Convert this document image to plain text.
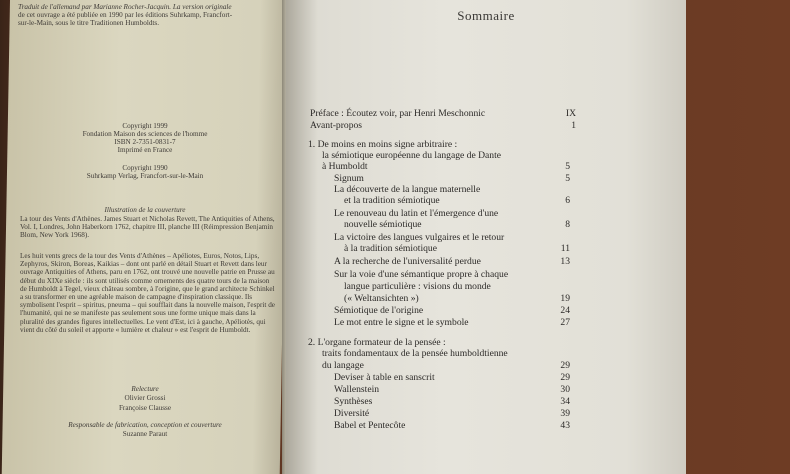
Traduit de l'allemand par Marianne Rocher-Jacquin. La version originale
de cet ouvrage a été publiée en 1990 par les éditions Suhrkamp, Francfort-
sur-le-Main, sous le titre Traditionen Humboldts.
Copyright 1999
Fondation Maison des sciences de l'homme
ISBN 2-7351-0831-7
Imprimé en France
Copyright 1990
Suhrkamp Verlag, Francfort-sur-le-Main
Illustration de la couverture
La tour des Vents d'Athènes. James Stuart et Nicholas Revett, The Antiquities of Athens, Vol. I, Londres, John Haberkorn 1762, chapitre III, planche III (Réimpression Benjamin Blom, New York 1968).
Les huit vents grecs de la tour des Vents d'Athènes – Apéliotes, Euros, Notos, Lips, Zephyros, Skiron, Boreas, Kaikias – dont ont parlé en détail Stuart et Revett dans leur ouvrage Antiquities of Athens, paru en 1762, ont trouvé une nouvelle patrie en Prusse au début du XIXe siècle : ils sont utilisés comme ornements des quatre tours de la maison de Humboldt à Tegel, vieux château sombre, à l'origine, que le grand architecte Schinkel a su transformer en une agréable maison de campagne d'inspiration classique. Ils symbolisent l'esprit – spiritus, pneuma – qui soufflait dans la nouvelle maison, l'esprit de l'humanité, qui ne se manifeste pas seulement sous une forme unique mais dans la pluralité des grandes figures intellectuelles. Le vent d'Est, ici à gauche, Apéliotès, qui vient du côté du soleil et apporte « lumière et chaleur » est l'esprit de Humboldt.
Relecture
Olivier Grossi
Françoise Clausse
Responsable de fabrication, conception et couverture
Suzanne Paraut
Sommaire
Préface : Écoutez voir, par Henri Meschonnic	IX
Avant-propos	1
1. De moins en moins signe arbitraire :
la sémiotique européenne du langage de Dante
à Humboldt	5
Signum	5
La découverte de la langue maternelle
et la tradition sémiotique	6
Le renouveau du latin et l'émergence d'une
nouvelle sémiotique	8
La victoire des langues vulgaires et le retour
à la tradition sémiotique	11
A la recherche de l'universalité perdue	13
Sur la voie d'une sémantique propre à chaque
langue particulière : visions du monde
(« Weltansichten »)	19
Sémiotique de l'origine	24
Le mot entre le signe et le symbole	27
2. L'organe formateur de la pensée :
traits fondamentaux de la pensée humboldtienne
du langage	29
Deviser à table en sanscrit	29
Wallenstein	30
Synthèses	34
Diversité	39
Babel et Pentecôte	43
